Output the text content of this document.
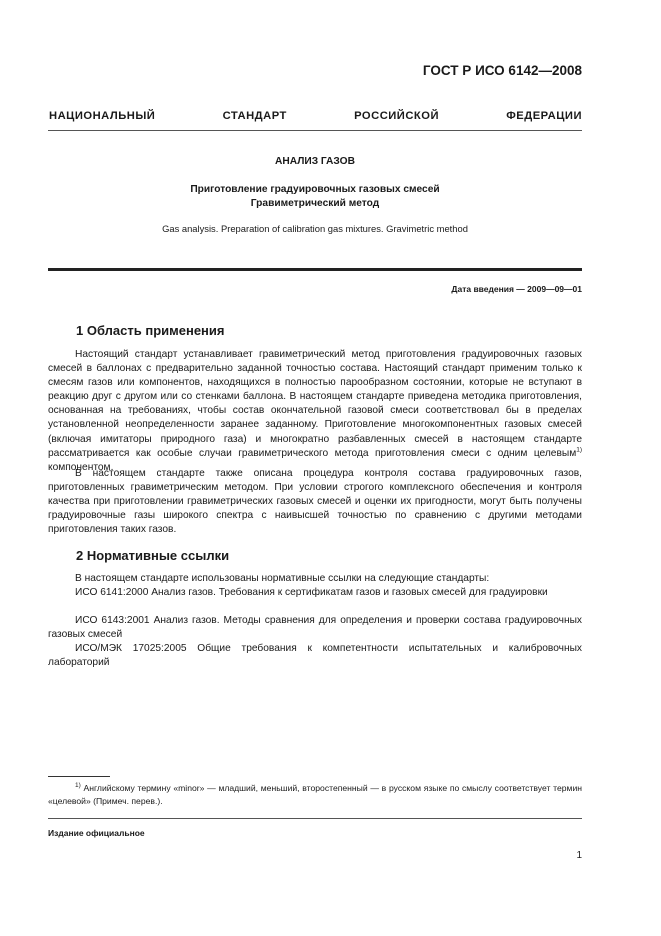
ГОСТ Р ИСО 6142—2008
НАЦИОНАЛЬНЫЙ СТАНДАРТ РОССИЙСКОЙ ФЕДЕРАЦИИ
АНАЛИЗ ГАЗОВ
Приготовление градуировочных газовых смесей
Гравиметрический метод
Gas analysis. Preparation of calibration gas mixtures. Gravimetric method
Дата введения — 2009—09—01
1 Область применения

Настоящий стандарт устанавливает гравиметрический метод приготовления градуировочных газовых смесей в баллонах с предварительно заданной точностью состава. Настоящий стандарт применим только к смесям газов или компонентов, находящихся в полностью парообразном состоянии, которые не вступают в реакцию друг с другом или со стенками баллона. В настоящем стандарте приведена методика приготовления, основанная на требованиях, чтобы состав окончательной газовой смеси соответствовал бы в пределах установленной неопределенности заранее заданному. Приготовление многокомпонентных газовых смесей (включая имитаторы природного газа) и многократно разбавленных смесей в настоящем стандарте рассматривается как особые случаи гравиметрического метода приготовления смеси с одним целевым$^{1)}$ компонентом.

В настоящем стандарте также описана процедура контроля состава градуировочных газов, приготовленных гравиметрическим методом. При условии строгого комплексного обеспечения и контроля качества при приготовлении гравиметрических газовых смесей и оценки их пригодности, могут быть получены градуировочные газы широкого спектра с наивысшей точностью по сравнению с другими методами приготовления таких газов.

2 Нормативные ссылки

В настоящем стандарте использованы нормативные ссылки на следующие стандарты:

ИСО 6141:2000 Анализ газов. Требования к сертификатам газов и газовых смесей для градуировки

ИСО 6143:2001 Анализ газов. Методы сравнения для определения и проверки состава градуировочных газовых смесей

ИСО/МЭК 17025:2005 Общие требования к компетентности испытательных и калибровочных лабораторий

$^{1)}$ Английскому термину «minor» — младший, меньший, второстепенный — в русском языке по смыслу соответствует термин «целевой» (Примеч. перев.).

Издание официальное
1
